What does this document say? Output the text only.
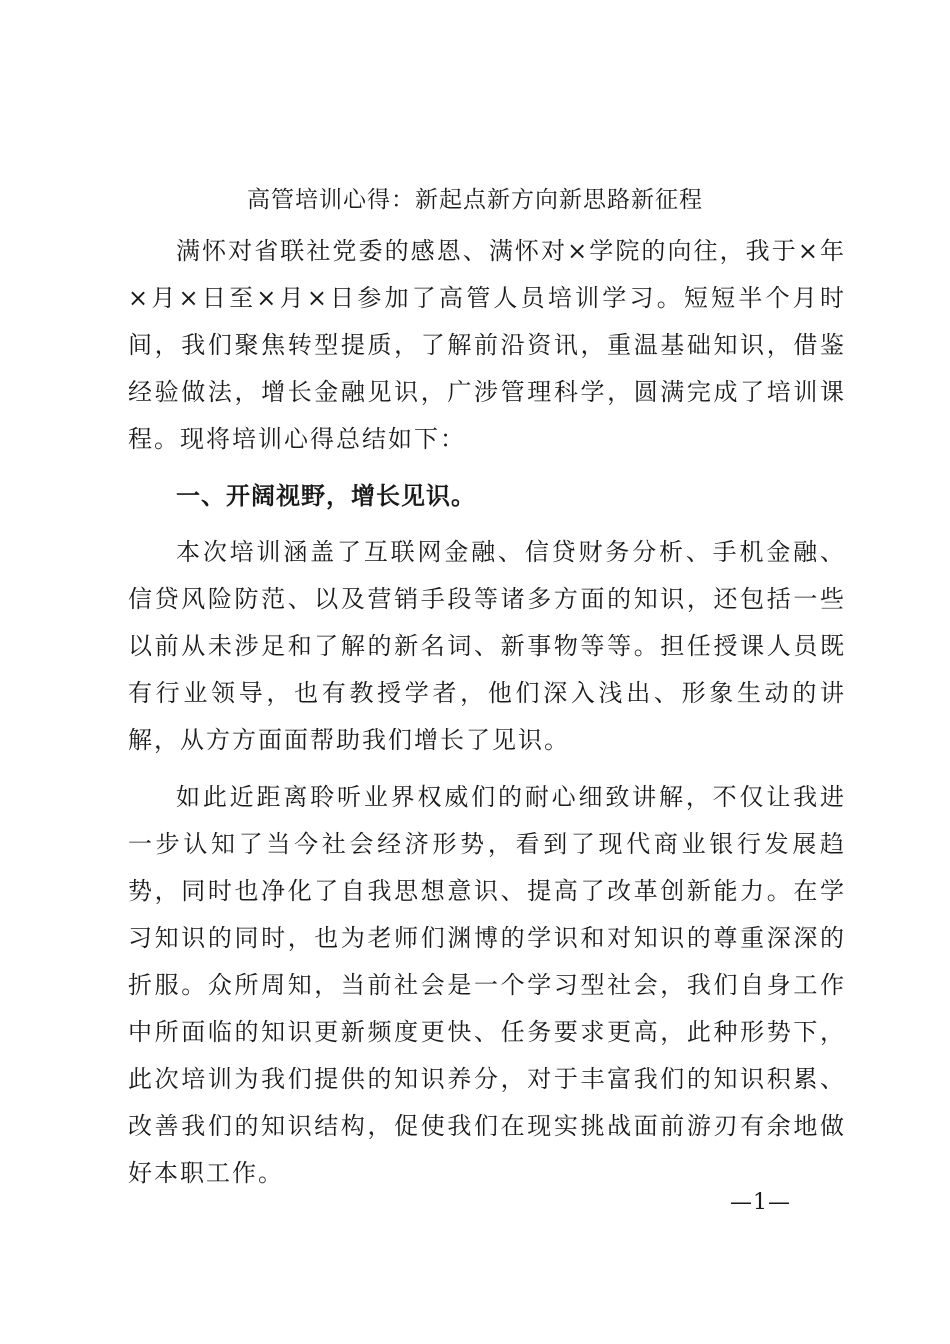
高管培训心得：新起点新方向新思路新征程

满怀对省联社党委的感恩、满怀对×学院的向往，我于×年×月×日至×月×日参加了高管人员培训学习。短短半个月时间，我们聚焦转型提质，了解前沿资讯，重温基础知识，借鉴经验做法，增长金融见识，广涉管理科学，圆满完成了培训课程。现将培训心得总结如下：

一、开阔视野，增长见识。

本次培训涵盖了互联网金融、信贷财务分析、手机金融、信贷风险防范、以及营销手段等诸多方面的知识，还包括一些以前从未涉足和了解的新名词、新事物等等。担任授课人员既有行业领导，也有教授学者，他们深入浅出、形象生动的讲解，从方方面面帮助我们增长了见识。

如此近距离聆听业界权威们的耐心细致讲解，不仅让我进一步认知了当今社会经济形势，看到了现代商业银行发展趋势，同时也净化了自我思想意识、提高了改革创新能力。在学习知识的同时，也为老师们渊博的学识和对知识的尊重深深的折服。众所周知，当前社会是一个学习型社会，我们自身工作中所面临的知识更新频度更快、任务要求更高，此种形势下，此次培训为我们提供的知识养分，对于丰富我们的知识积累、改善我们的知识结构，促使我们在现实挑战面前游刃有余地做好本职工作。

—1—
